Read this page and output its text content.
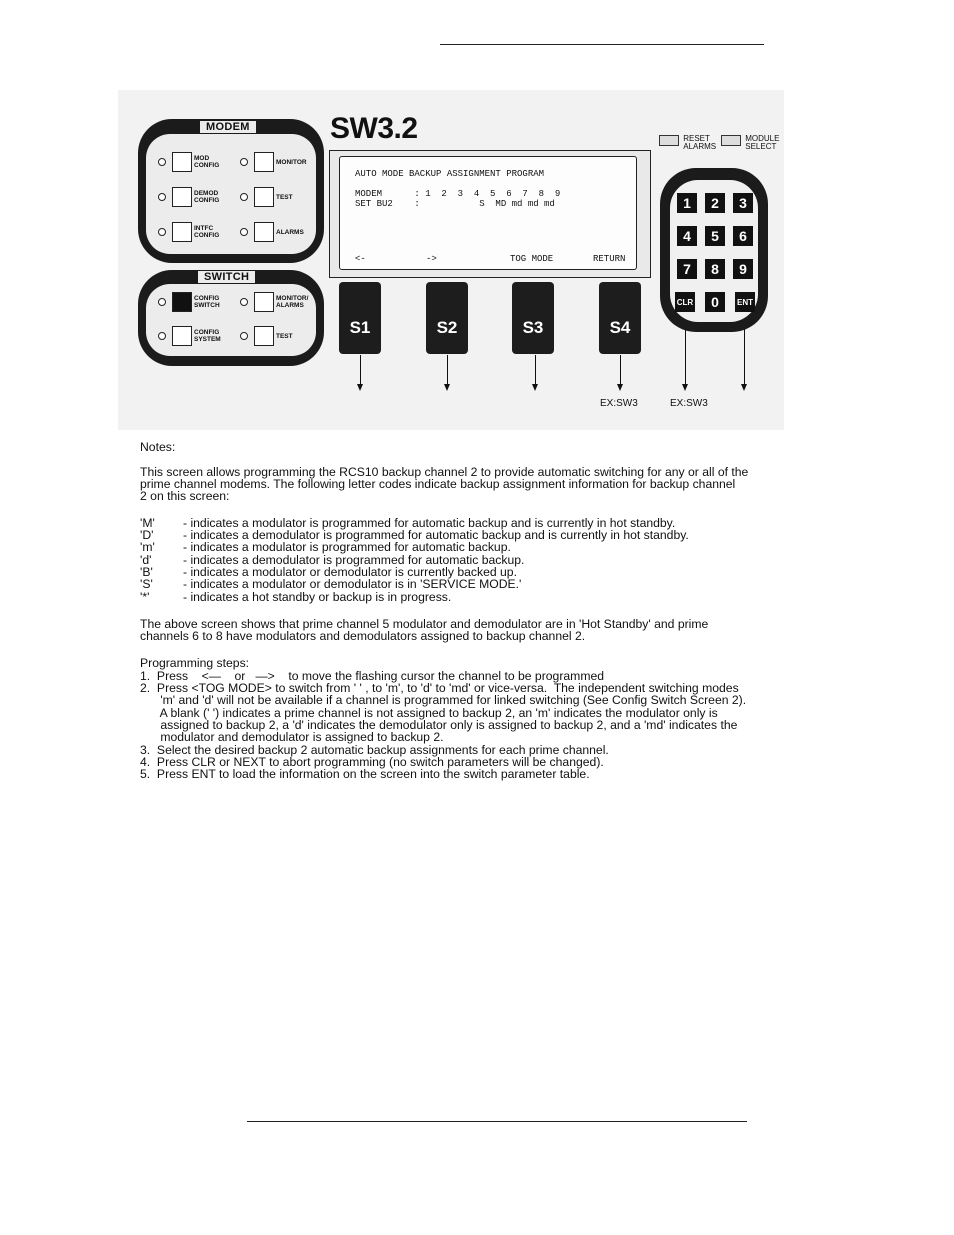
MODEM
MOD CONFIG	MONITOR
DEMOD CONFIG	TEST
INTFC CONFIG	ALARMS
SWITCH
CONFIG SWITCH
MONITOR/ ALARMS
CONFIG SYSTEM	TEST
SW3.2
AUTO MODE BACKUP ASSIGNMENT PROGRAM
MODEM      : 1  2  3  4  5  6  7  8  9
SET BU2    :           S  MD md md md
<-	->	TOG MODE	RETURN
S1	S2	S3	S4
EX:SW3	EX:SW3
RESET ALARMS
MODULE SELECT
1	2	3
4	5	6
7	8	9
CLR	0	ENT
Notes:
This screen allows programming the RCS10 backup channel 2 to provide automatic switching for any or all of the
prime channel modems. The following letter codes indicate backup assignment information for backup channel
2 on this screen:
'M'	- indicates a modulator is programmed for automatic backup and is currently in hot standby.
'D'	- indicates a demodulator is programmed for automatic backup and is currently in hot standby.
'm'	- indicates a modulator is programmed for automatic backup.
'd'	- indicates a demodulator is programmed for automatic backup.
'B'	- indicates a modulator or demodulator is currently backed up.
'S'	- indicates a modulator or demodulator is in 'SERVICE MODE.'
'*'	- indicates a hot standby or backup is in progress.
The above screen shows that prime channel 5 modulator and demodulator are in 'Hot Standby' and prime
channels 6 to 8 have modulators and demodulators assigned to backup channel 2.
Programming steps:
1.  Press    <—    or   —>    to move the flashing cursor the channel to be programmed
2.  Press <TOG MODE> to switch from ' ' , to 'm', to 'd' to 'md' or vice-versa.  The independent switching modes
'm' and 'd' will not be available if a channel is programmed for linked switching (See Config Switch Screen 2).
A blank (' ') indicates a prime channel is not assigned to backup 2, an 'm' indicates the modulator only is
assigned to backup 2, a 'd' indicates the demodulator only is assigned to backup 2, and a 'md' indicates the
modulator and demodulator is assigned to backup 2.
3.  Select the desired backup 2 automatic backup assignments for each prime channel.
4.  Press CLR or NEXT to abort programming (no switch parameters will be changed).
5.  Press ENT to load the information on the screen into the switch parameter table.
